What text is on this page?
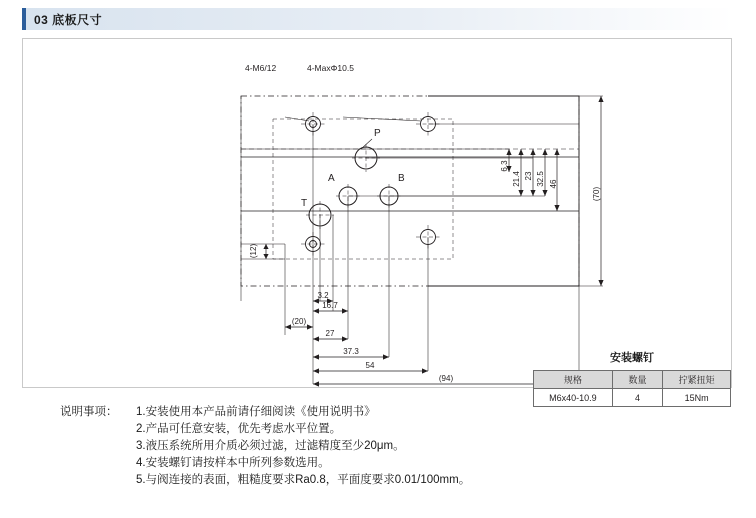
03 底板尺寸
4-M6/12	4-MaxΦ10.5
P
A	B
T
6.3
21.4 23 32.5 46
(70)
(12)
3.2
16.7
(20)
27
37.3
54
(94)
安装螺钉
规格	数量	拧紧扭矩
M6x40-10.9	4	15Nm
说明事项：	1.安装使用本产品前请仔细阅读《使用说明书》
2.产品可任意安装，优先考虑水平位置。
3.液压系统所用介质必须过滤，过滤精度至少20μm。
4.安装螺钉请按样本中所列参数选用。
5.与阀连接的表面，粗糙度要求Ra0.8，平面度要求0.01/100mm。
